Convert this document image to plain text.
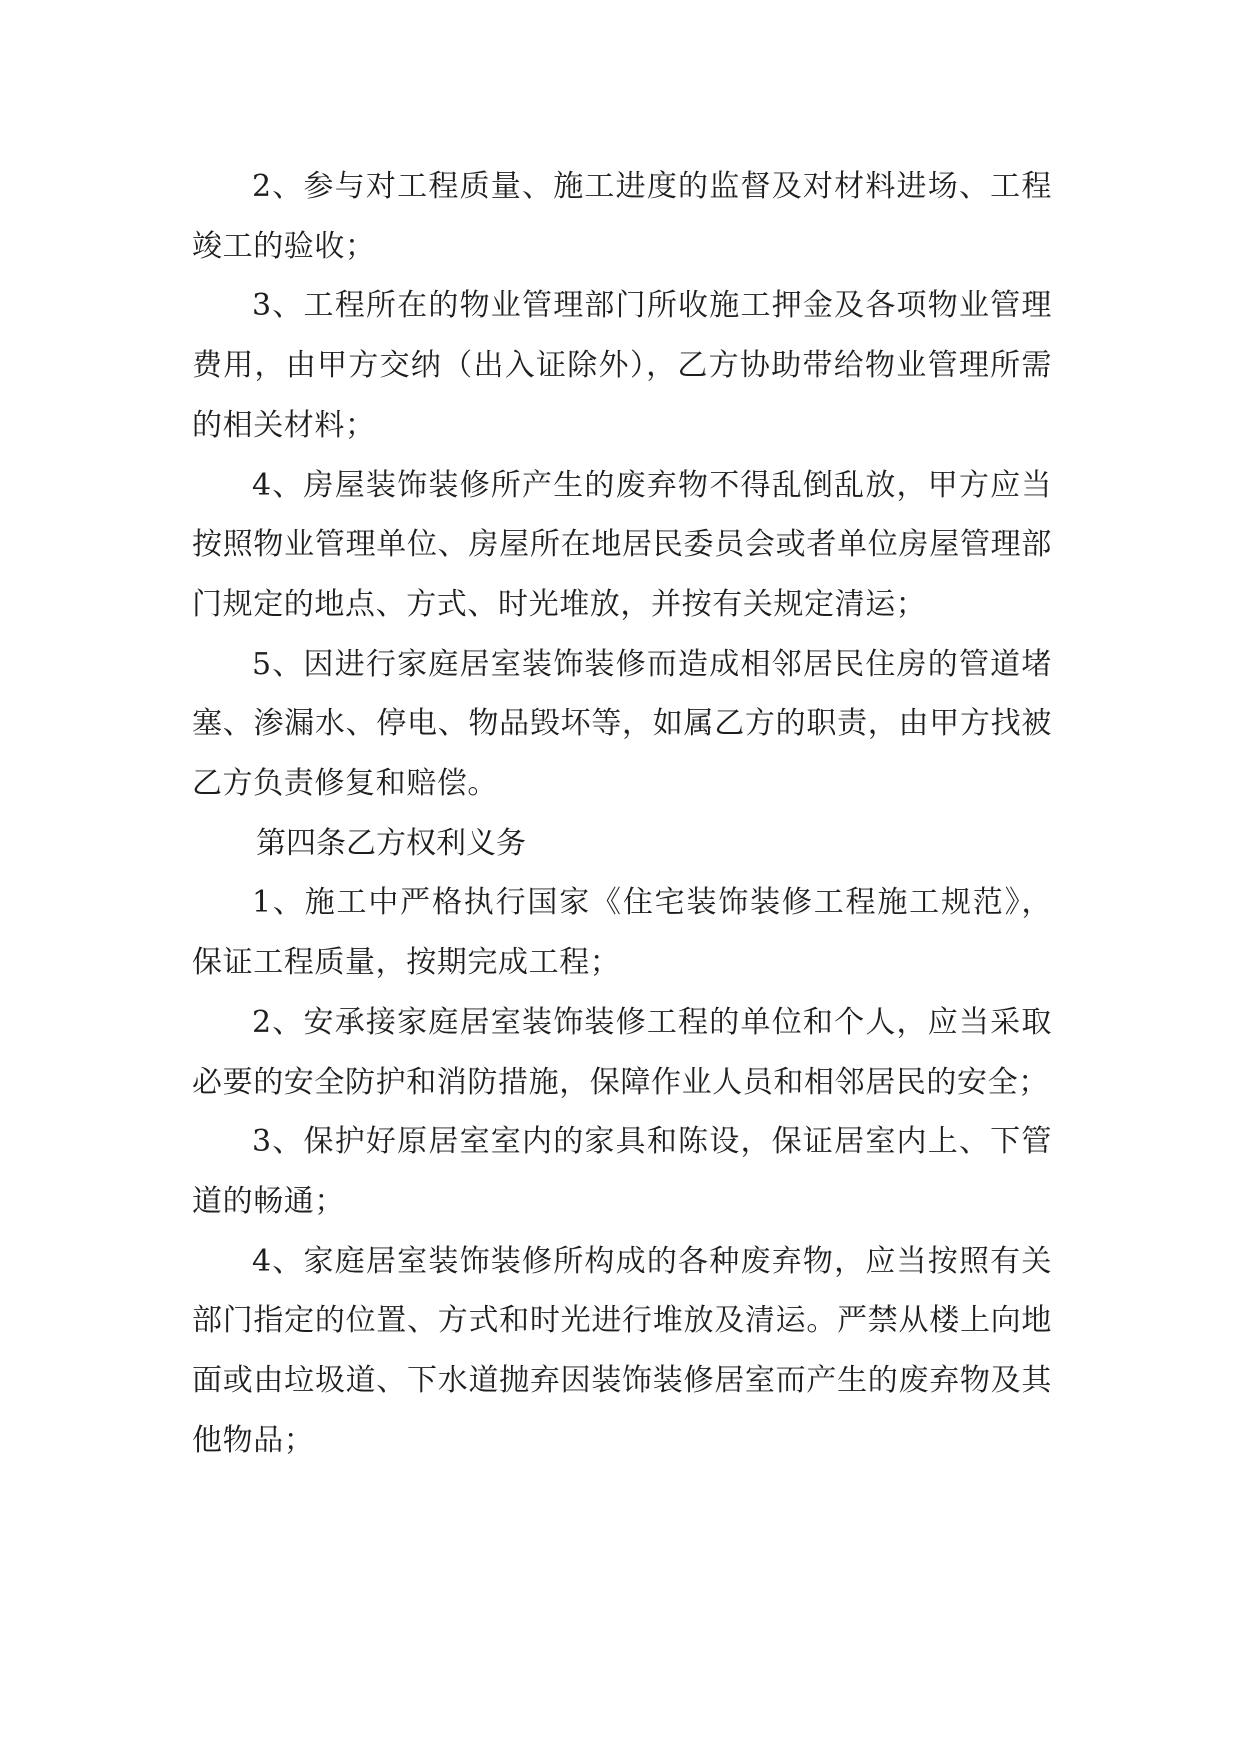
2、参与对工程质量、施工进度的监督及对材料进场、工程竣工的验收；

3、工程所在的物业管理部门所收施工押金及各项物业管理费用，由甲方交纳（出入证除外），乙方协助带给物业管理所需的相关材料；

4、房屋装饰装修所产生的废弃物不得乱倒乱放，甲方应当按照物业管理单位、房屋所在地居民委员会或者单位房屋管理部门规定的地点、方式、时光堆放，并按有关规定清运；

5、因进行家庭居室装饰装修而造成相邻居民住房的管道堵塞、渗漏水、停电、物品毁坏等，如属乙方的职责，由甲方找被乙方负责修复和赔偿。

第四条乙方权利义务

1、施工中严格执行国家《住宅装饰装修工程施工规范》，保证工程质量，按期完成工程；

2、安承接家庭居室装饰装修工程的单位和个人，应当采取必要的安全防护和消防措施，保障作业人员和相邻居民的安全；

3、保护好原居室室内的家具和陈设，保证居室内上、下管道的畅通；

4、家庭居室装饰装修所构成的各种废弃物，应当按照有关部门指定的位置、方式和时光进行堆放及清运。严禁从楼上向地面或由垃圾道、下水道抛弃因装饰装修居室而产生的废弃物及其他物品；
